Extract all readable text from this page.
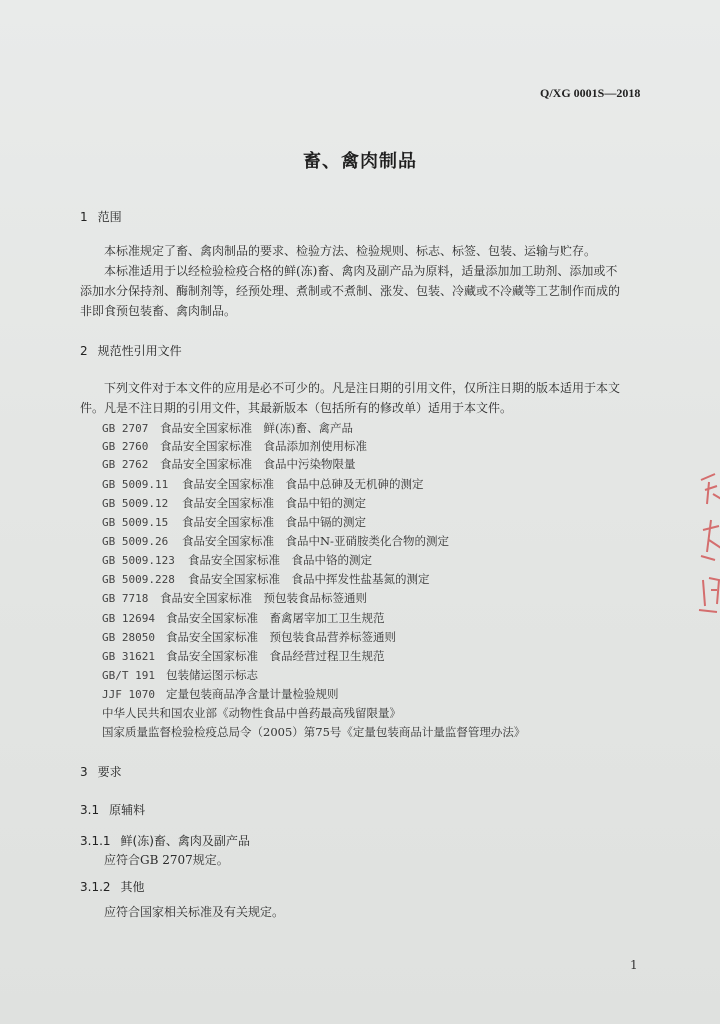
Q/XG 0001S—2018
畜、禽肉制品
1 范围
本标准规定了畜、禽肉制品的要求、检验方法、检验规则、标志、标签、包装、运输与贮存。
本标准适用于以经检验检疫合格的鲜(冻)畜、禽肉及副产品为原料，适量添加加工助剂、添加或不
添加水分保持剂、酶制剂等，经预处理、煮制或不煮制、涨发、包装、冷藏或不冷藏等工艺制作而成的
非即食预包装畜、禽肉制品。
2 规范性引用文件
下列文件对于本文件的应用是必不可少的。凡是注日期的引用文件，仅所注日期的版本适用于本文
件。凡是不注日期的引用文件，其最新版本（包括所有的修改单）适用于本文件。
GB 2707 食品安全国家标准　鲜(冻)畜、禽产品
GB 2760 食品安全国家标准　食品添加剂使用标准
GB 2762 食品安全国家标准　食品中污染物限量
GB 5009.11 食品安全国家标准　食品中总砷及无机砷的测定
GB 5009.12 食品安全国家标准　食品中铅的测定
GB 5009.15 食品安全国家标准　食品中镉的测定
GB 5009.26 食品安全国家标准　食品中N-亚硝胺类化合物的测定
GB 5009.123 食品安全国家标准　食品中铬的测定
GB 5009.228 食品安全国家标准　食品中挥发性盐基氮的测定
GB 7718 食品安全国家标准　预包装食品标签通则
GB 12694 食品安全国家标准　畜禽屠宰加工卫生规范
GB 28050 食品安全国家标准　预包装食品营养标签通则
GB 31621 食品安全国家标准　食品经营过程卫生规范
GB/T 191 包装储运图示标志
JJF 1070 定量包装商品净含量计量检验规则
中华人民共和国农业部《动物性食品中兽药最高残留限量》
国家质量监督检验检疫总局令（2005）第75号《定量包装商品计量监督管理办法》
3 要求
3.1 原辅料
3.1.1 鲜(冻)畜、禽肉及副产品
应符合GB 2707规定。
3.1.2 其他
应符合国家相关标准及有关规定。
1
